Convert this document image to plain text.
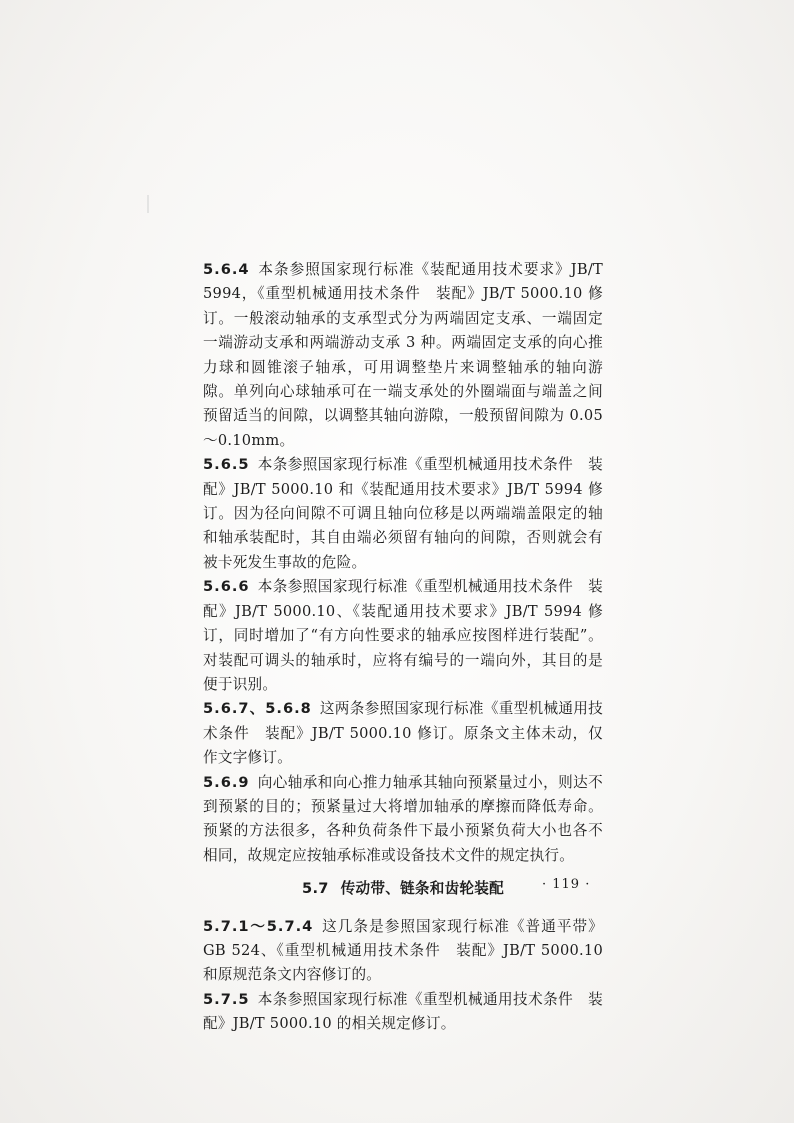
5.6.4 本条参照国家现行标准《装配通用技术要求》JB/T 5994，《重型机械通用技术条件　装配》JB/T 5000.10 修订。一般滚动轴承的支承型式分为两端固定支承、一端固定一端游动支承和两端游动支承 3 种。两端固定支承的向心推力球和圆锥滚子轴承，可用调整垫片来调整轴承的轴向游隙。单列向心球轴承可在一端支承处的外圈端面与端盖之间预留适当的间隙，以调整其轴向游隙，一般预留间隙为 0.05～0.10mm。

5.6.5 本条参照国家现行标准《重型机械通用技术条件　装配》JB/T 5000.10 和《装配通用技术要求》JB/T 5994 修订。因为径向间隙不可调且轴向位移是以两端端盖限定的轴和轴承装配时，其自由端必须留有轴向的间隙，否则就会有被卡死发生事故的危险。

5.6.6 本条参照国家现行标准《重型机械通用技术条件　装配》JB/T 5000.10、《装配通用技术要求》JB/T 5994 修订，同时增加了“有方向性要求的轴承应按图样进行装配”。对装配可调头的轴承时，应将有编号的一端向外，其目的是便于识别。

5.6.7、5.6.8 这两条参照国家现行标准《重型机械通用技术条件　装配》JB/T 5000.10 修订。原条文主体未动，仅作文字修订。

5.6.9 向心轴承和向心推力轴承其轴向预紧量过小，则达不到预紧的目的；预紧量过大将增加轴承的摩擦而降低寿命。预紧的方法很多，各种负荷条件下最小预紧负荷大小也各不相同，故规定应按轴承标准或设备技术文件的规定执行。

5.7 传动带、链条和齿轮装配

5.7.1～5.7.4 这几条是参照国家现行标准《普通平带》GB 524、《重型机械通用技术条件　装配》JB/T 5000.10 和原规范条文内容修订的。

5.7.5 本条参照国家现行标准《重型机械通用技术条件　装配》JB/T 5000.10 的相关规定修订。

· 119 ·
